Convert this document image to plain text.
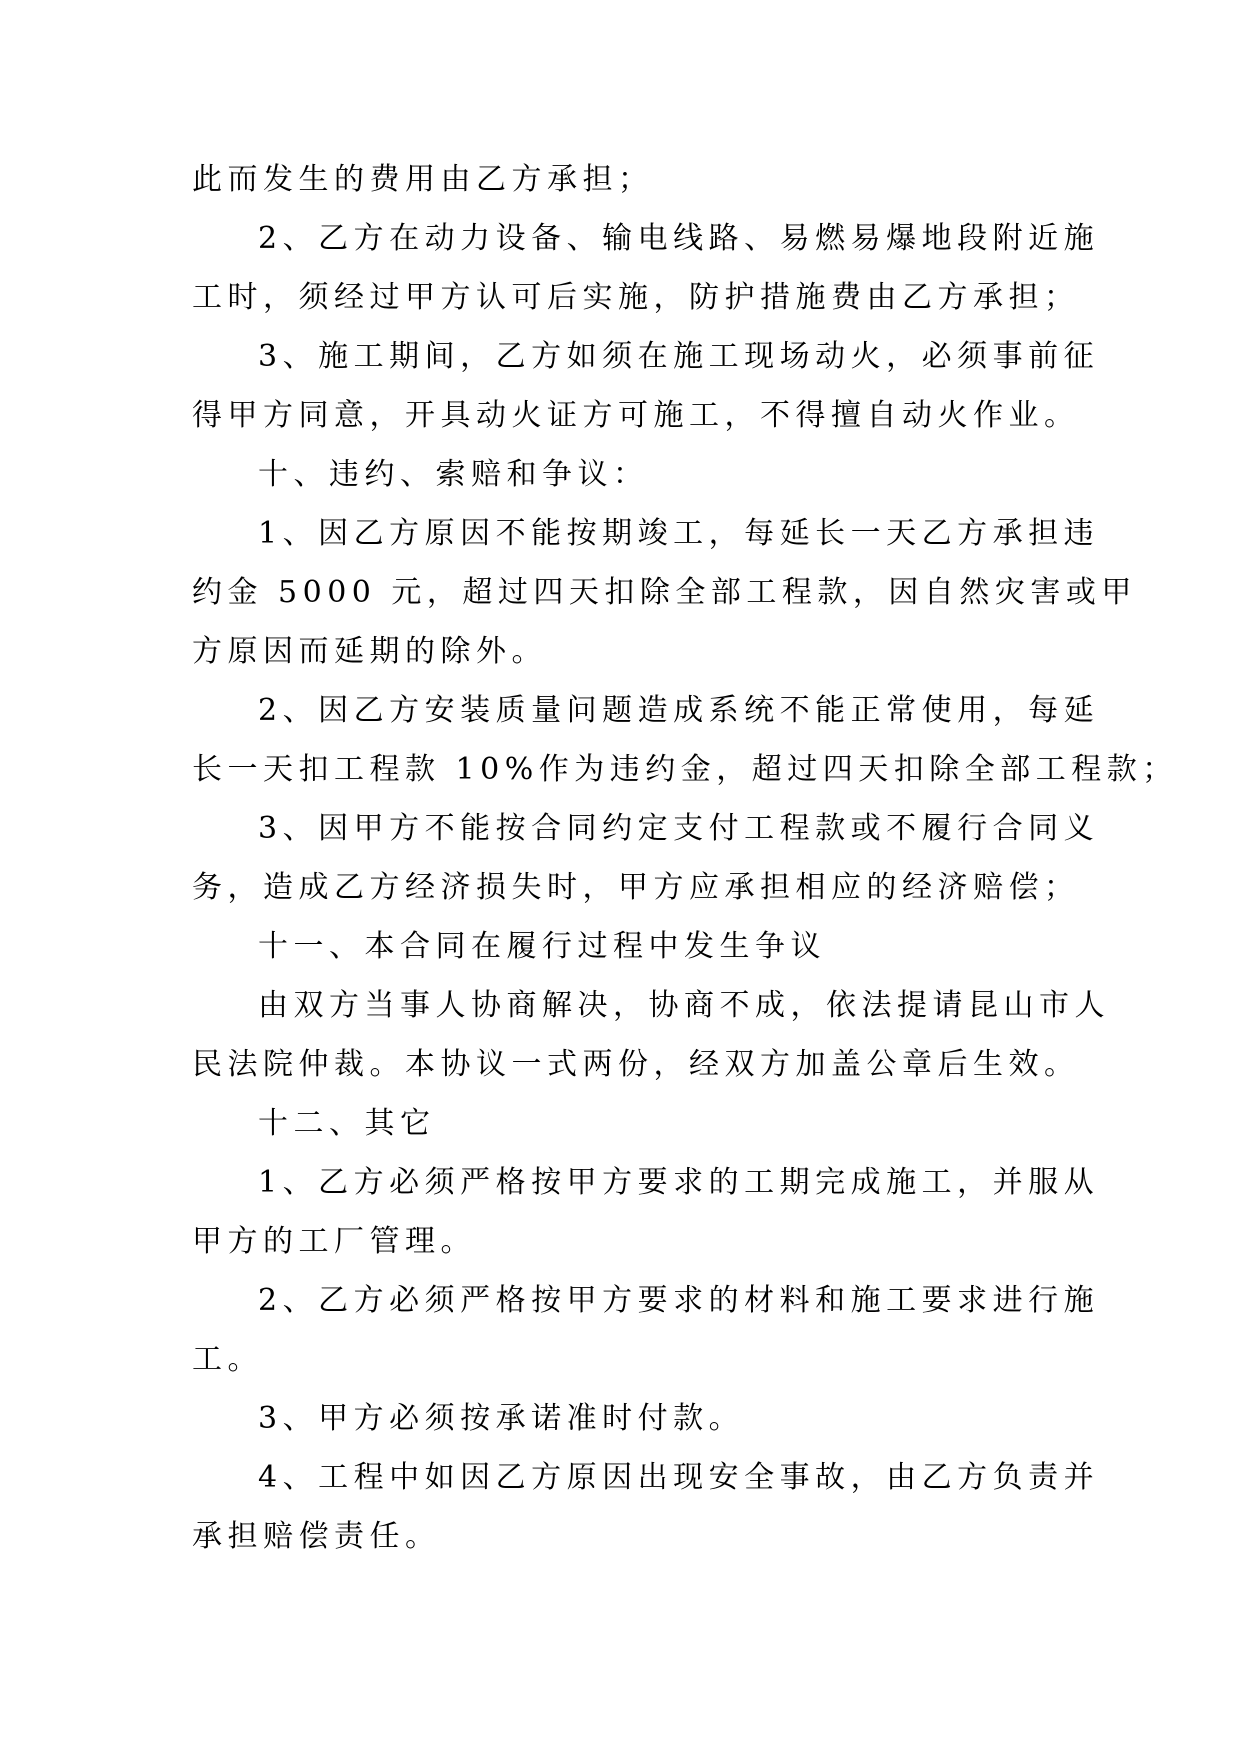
此而发生的费用由乙方承担；
2、乙方在动力设备、输电线路、易燃易爆地段附近施
工时，须经过甲方认可后实施，防护措施费由乙方承担；
3、施工期间，乙方如须在施工现场动火，必须事前征
得甲方同意，开具动火证方可施工，不得擅自动火作业。
十、违约、索赔和争议：
1、因乙方原因不能按期竣工，每延长一天乙方承担违
约金 5000 元，超过四天扣除全部工程款，因自然灾害或甲
方原因而延期的除外。
2、因乙方安装质量问题造成系统不能正常使用，每延
长一天扣工程款 10%作为违约金，超过四天扣除全部工程款；
3、因甲方不能按合同约定支付工程款或不履行合同义
务，造成乙方经济损失时，甲方应承担相应的经济赔偿；
十一、本合同在履行过程中发生争议
由双方当事人协商解决，协商不成，依法提请昆山市人
民法院仲裁。本协议一式两份，经双方加盖公章后生效。
十二、其它
1、乙方必须严格按甲方要求的工期完成施工，并服从
甲方的工厂管理。
2、乙方必须严格按甲方要求的材料和施工要求进行施
工。
3、甲方必须按承诺准时付款。
4、工程中如因乙方原因出现安全事故，由乙方负责并
承担赔偿责任。
